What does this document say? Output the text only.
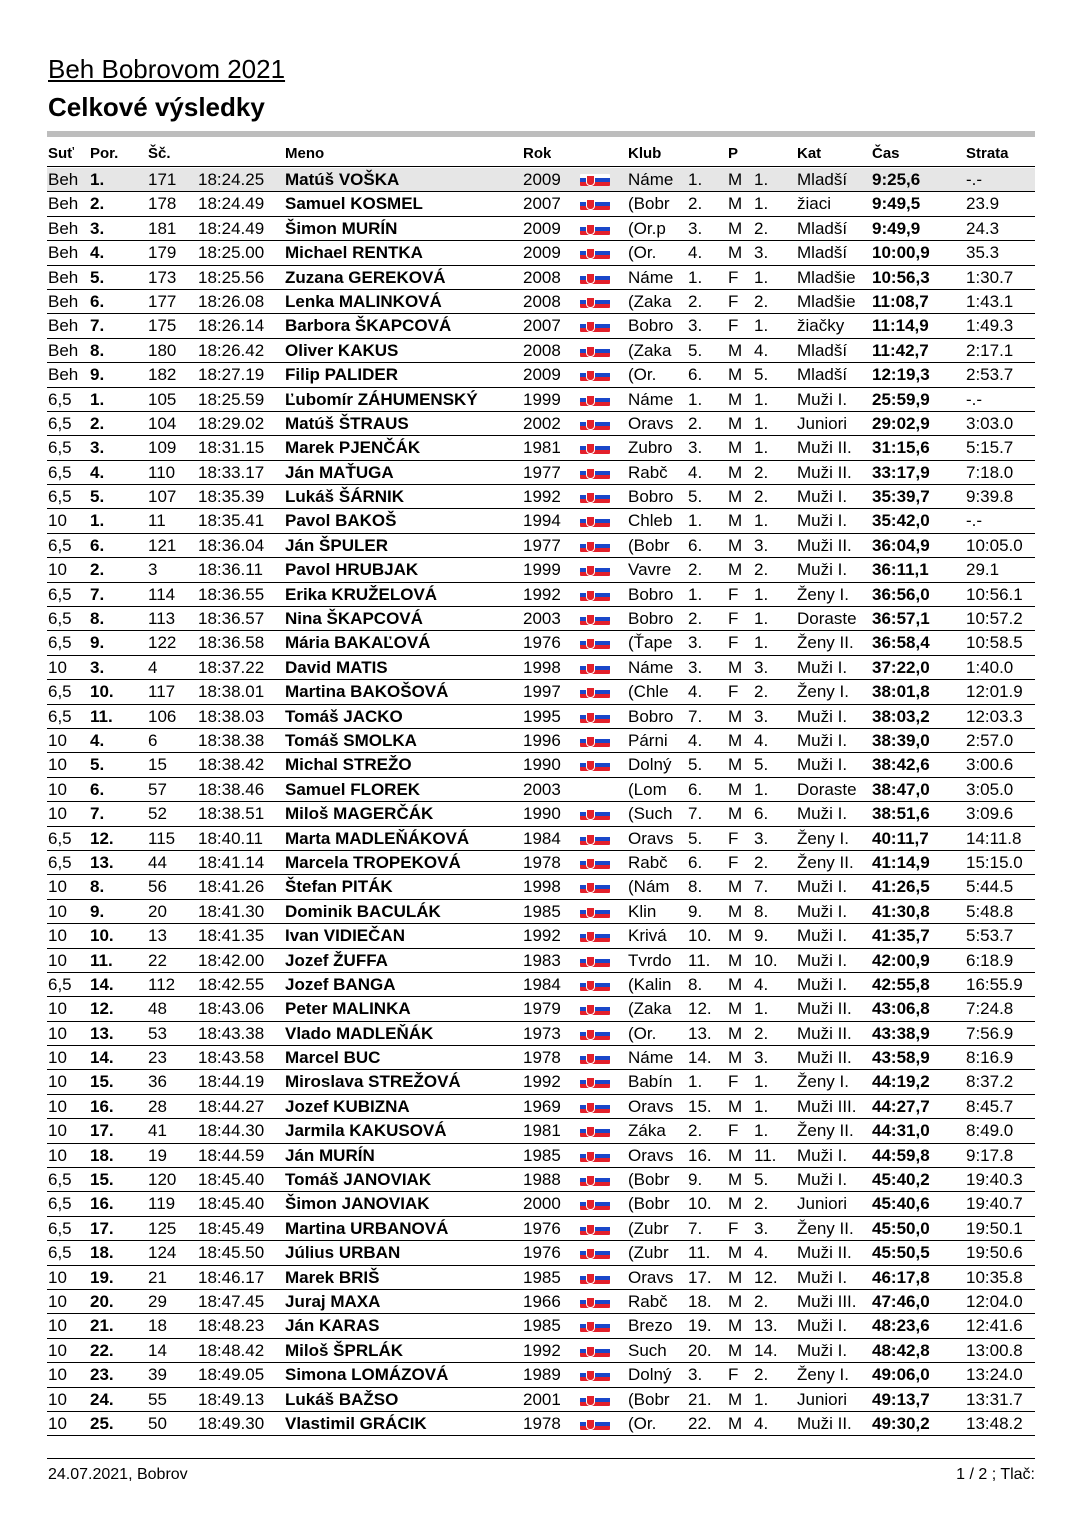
Beh Bobrovom 2021
Celkové výsledky
Suť Por. Šč.	Meno	Rok	Klub	P	Kat	Čas	Strata
Beh 1.	171	18:24.25	Matúš VOŠKA	2009	Náme 1.	M 1.	Mladší	9:25,6	-.-
Beh 2.	178	18:24.49	Samuel KOSMEL	2007	(Bobr	2.	M 1.	žiaci	9:49,5	23.9
Beh 3.	181	18:24.49	Šimon MURÍN	2009	(Or.p	3.	M 2.	Mladší	9:49,9	24.3
Beh 4.	179	18:25.00	Michael RENTKA	2009	(Or.	4.	M 3.	Mladší	10:00,9	35.3
Beh 5.	173	18:25.56	Zuzana GEREKOVÁ	2008	Náme 1.	F 1.	Mladšie 10:56,3	1:30.7
Beh 6.	177	18:26.08	Lenka MALINKOVÁ	2008	(Zaka 2.	F 2.	Mladšie 11:08,7	1:43.1
Beh 7.	175	18:26.14	Barbora ŠKAPCOVÁ	2007	Bobro 3.	F 1.	žiačky	11:14,9	1:49.3
Beh 8.	180	18:26.42	Oliver KAKUS	2008	(Zaka 5.	M 4.	Mladší	11:42,7	2:17.1
Beh 9.	182	18:27.19	Filip PALIDER	2009	(Or.	6.	M 5.	Mladší	12:19,3	2:53.7
6,5	1.	105	18:25.59	Ľubomír ZÁHUMENSKÝ	1999	Náme 1.	M 1.	Muži I.	25:59,9	-.-
6,5	2.	104	18:29.02	Matúš ŠTRAUS	2002	Oravs 2.	M 1.	Juniori	29:02,9	3:03.0
6,5	3.	109	18:31.15	Marek PJENČÁK	1981	Zubro 3.	M 1.	Muži II.	31:15,6	5:15.7
6,5	4.	110	18:33.17	Ján MAŤUGA	1977	Rabč	4.	M 2.	Muži II.	33:17,9	7:18.0
6,5	5.	107	18:35.39	Lukáš ŠÁRNIK	1992	Bobro 5.	M 2.	Muži I.	35:39,7	9:39.8
10	1.	11	18:35.41	Pavol BAKOŠ	1994	Chleb 1.	M 1.	Muži I.	35:42,0	-.-
6,5	6.	121	18:36.04	Ján ŠPULER	1977	(Bobr	6.	M 3.	Muži II.	36:04,9	10:05.0
10	2.	3	18:36.11	Pavol HRUBJAK	1999	Vavre 2.	M 2.	Muži I.	36:11,1	29.1
6,5	7.	114	18:36.55	Erika KRUŽELOVÁ	1992	Bobro 1.	F 1.	Ženy I.	36:56,0	10:56.1
6,5	8.	113	18:36.57	Nina ŠKAPCOVÁ	2003	Bobro 2.	F 1.	Doraste 36:57,1	10:57.2
6,5	9.	122	18:36.58	Mária BAKAĽOVÁ	1976	(Ťape 3.	F 1.	Ženy II.	36:58,4	10:58.5
10	3.	4	18:37.22	David MATIS	1998	Náme 3.	M 3.	Muži I.	37:22,0	1:40.0
6,5	10.	117	18:38.01	Martina BAKOŠOVÁ	1997	(Chle	4.	F 2.	Ženy I.	38:01,8	12:01.9
6,5	11.	106	18:38.03	Tomáš JACKO	1995	Bobro 7.	M 3.	Muži I.	38:03,2	12:03.3
10	4.	6	18:38.38	Tomáš SMOLKA	1996	Párni	4.	M 4.	Muži I.	38:39,0	2:57.0
10	5.	15	18:38.42	Michal STREŽO	1990	Dolný 5.	M 5.	Muži I.	38:42,6	3:00.6
10	6.	57	18:38.46	Samuel FLOREK	2003	(Lom	6.	M 1.	Doraste 38:47,0	3:05.0
10	7.	52	18:38.51	Miloš MAGERČÁK	1990	(Such 7.	M 6.	Muži I.	38:51,6	3:09.6
6,5	12.	115	18:40.11	Marta MADLEŇÁKOVÁ	1984	Oravs 5.	F 3.	Ženy I.	40:11,7	14:11.8
6,5	13.	44	18:41.14	Marcela TROPEKOVÁ	1978	Rabč	6.	F 2.	Ženy II.	41:14,9	15:15.0
10	8.	56	18:41.26	Štefan PITÁK	1998	(Nám	8.	M 7.	Muži I.	41:26,5	5:44.5
10	9.	20	18:41.30	Dominik BACULÁK	1985	Klin	9.	M 8.	Muži I.	41:30,8	5:48.8
10	10.	13	18:41.35	Ivan VIDIEČAN	1992	Krivá	10. M 9.	Muži I.	41:35,7	5:53.7
10	11.	22	18:42.00	Jozef ŽUFFA	1983	Tvrdo 11.	M 10.	Muži I.	42:00,9	6:18.9
6,5	14.	112	18:42.55	Jozef BANGA	1984	(Kalin 8.	M 4.	Muži I.	42:55,8	16:55.9
10	12.	48	18:43.06	Peter MALINKA	1979	(Zaka 12. M 1.	Muži II.	43:06,8	7:24.8
10	13.	53	18:43.38	Vlado MADLEŇÁK	1973	(Or.	13. M 2.	Muži II.	43:38,9	7:56.9
10	14.	23	18:43.58	Marcel BUC	1978	Náme 14. M 3.	Muži II.	43:58,9	8:16.9
10	15.	36	18:44.19	Miroslava STREŽOVÁ	1992	Babín 1.	F 1.	Ženy I.	44:19,2	8:37.2
10	16.	28	18:44.27	Jozef KUBIZNA	1969	Oravs 15. M 1.	Muži III. 44:27,7	8:45.7
10	17.	41	18:44.30	Jarmila KAKUSOVÁ	1981	Záka	2.	F 1.	Ženy II.	44:31,0	8:49.0
10	18.	19	18:44.59	Ján MURÍN	1985	Oravs 16. M 11.	Muži I.	44:59,8	9:17.8
6,5	15.	120	18:45.40	Tomáš JANOVIAK	1988	(Bobr	9.	M 5.	Muži I.	45:40,2	19:40.3
6,5	16.	119	18:45.40	Šimon JANOVIAK	2000	(Bobr	10. M 2.	Juniori	45:40,6	19:40.7
6,5	17.	125	18:45.49	Martina URBANOVÁ	1976	(Zubr	7.	F 3.	Ženy II.	45:50,0	19:50.1
6,5	18.	124	18:45.50	Július URBAN	1976	(Zubr	11.	M 4.	Muži II.	45:50,5	19:50.6
10	19.	21	18:46.17	Marek BRIŠ	1985	Oravs 17. M 12.	Muži I.	46:17,8	10:35.8
10	20.	29	18:47.45	Juraj MAXA	1966	Rabč	18. M 2.	Muži III. 47:46,0	12:04.0
10	21.	18	18:48.23	Ján KARAS	1985	Brezo 19. M 13.	Muži I.	48:23,6	12:41.6
10	22.	14	18:48.42	Miloš ŠPRLÁK	1992	Such	20. M 14.	Muži I.	48:42,8	13:00.8
10	23.	39	18:49.05	Simona LOMÁZOVÁ	1989	Dolný 3.	F 2.	Ženy I.	49:06,0	13:24.0
10	24.	55	18:49.13	Lukáš BAŽSO	2001	(Bobr	21. M 1.	Juniori	49:13,7	13:31.7
10	25.	50	18:49.30	Vlastimil GRÁCIK	1978	(Or.	22. M 4.	Muži II.	49:30,2	13:48.2
24.07.2021, Bobrov	1 / 2 ; Tlač:
